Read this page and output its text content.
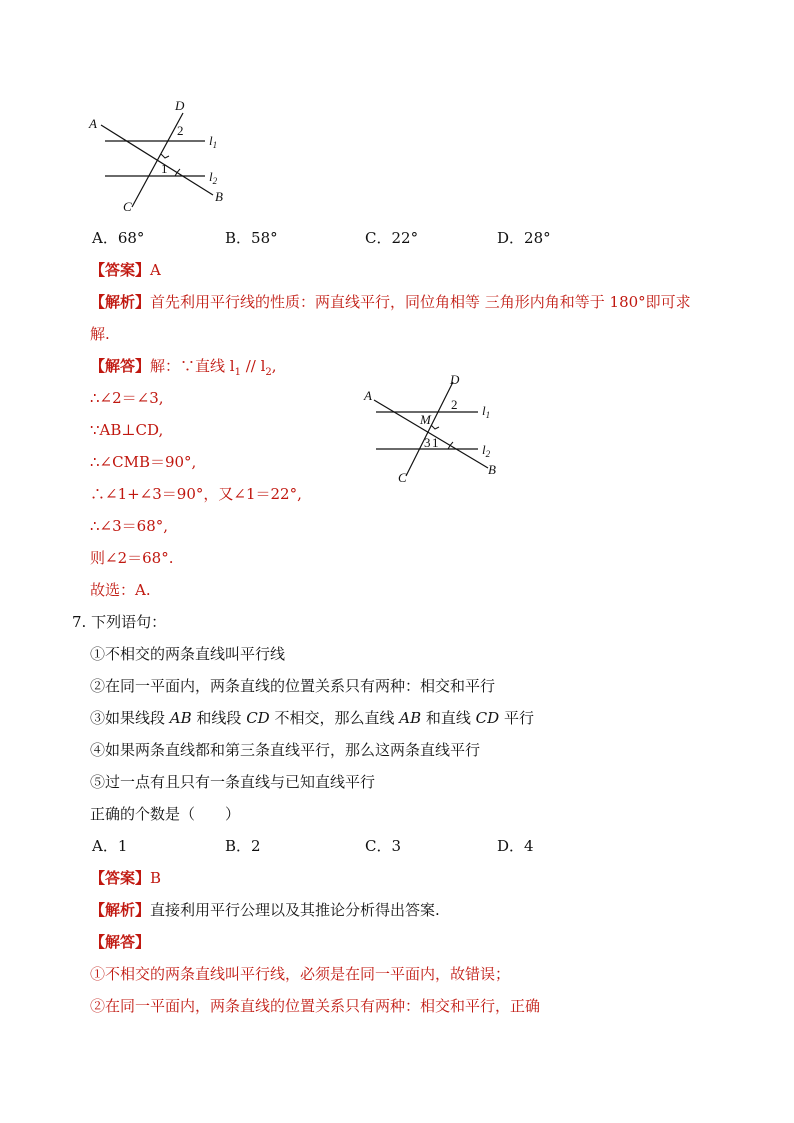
A
D
2
$l_1$
1
$l_2$
B
C
A．68°	B．58°	C．22°	D．28°
【答案】A
【解析】首先利用平行线的性质：两直线平行，同位角相等 三角形内角和等于 180°即可求
解.
【解答】解：∵直线 $l_1 // l_2$,
∴∠2＝∠3,
∵AB⊥CD,
∴∠CMB＝90°,
∴∠1+∠3＝90°，又∠1＝22°,
∴∠3＝68°,
则∠2＝68°.
故选：A.
A
D
M
2 $l_1$
3 1	$l_2$
B
C
7. 下列语句：
①不相交的两条直线叫平行线
②在同一平面内，两条直线的位置关系只有两种：相交和平行
③如果线段 AB 和线段 CD 不相交，那么直线 AB 和直线 CD 平行
④如果两条直线都和第三条直线平行，那么这两条直线平行
⑤过一点有且只有一条直线与已知直线平行
正确的个数是（　　）
A．1	B．2	C．3	D．4
【答案】B
【解析】直接利用平行公理以及其推论分析得出答案.
【解答】
①不相交的两条直线叫平行线，必须是在同一平面内，故错误；
②在同一平面内，两条直线的位置关系只有两种：相交和平行，正确
